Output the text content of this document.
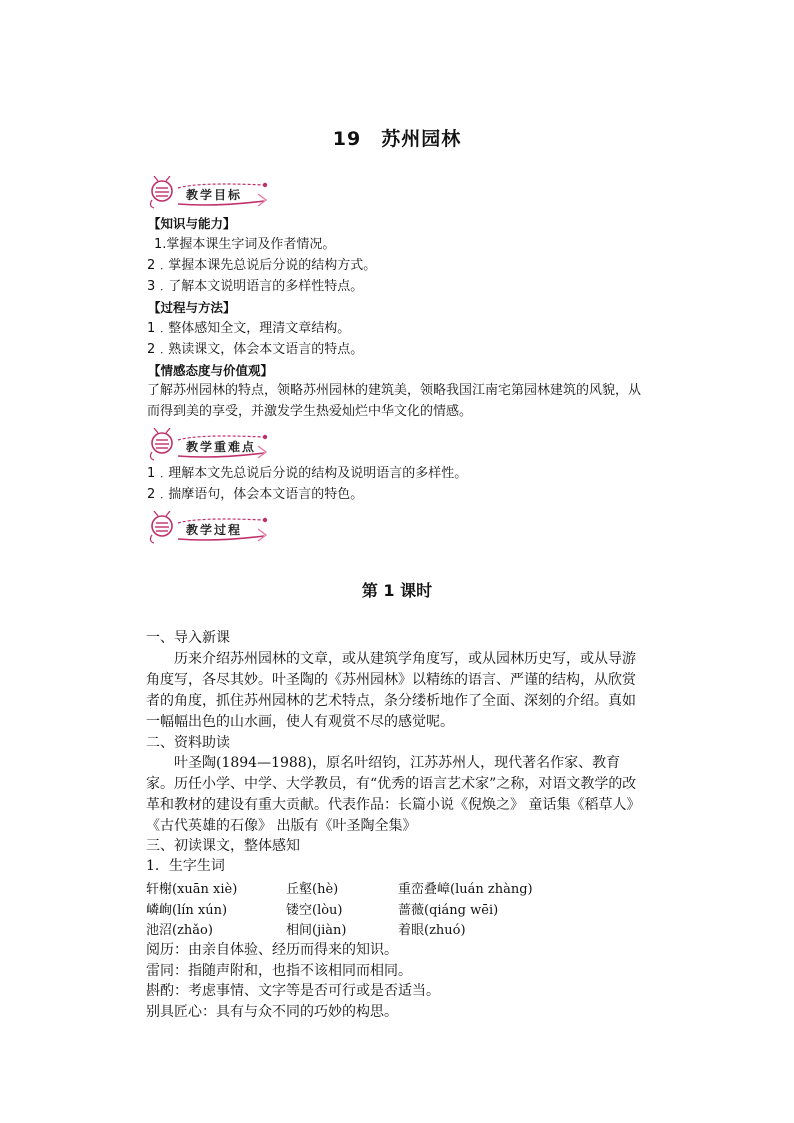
19 苏州园林
教学目标
【知识与能力】
1.掌握本课生字词及作者情况。
2﹒掌握本课先总说后分说的结构方式。
3﹒了解本文说明语言的多样性特点。
【过程与方法】
1﹒整体感知全文，理清文章结构。
2﹒熟读课文，体会本文语言的特点。
【情感态度与价值观】
了解苏州园林的特点，领略苏州园林的建筑美，领略我国江南宅第园林建筑的风貌，从而得到美的享受，并激发学生热爱灿烂中华文化的情感。
教学重难点
1﹒理解本文先总说后分说的结构及说明语言的多样性。
2﹒揣摩语句，体会本文语言的特色。
教学过程
第 1 课时
一、导入新课
历来介绍苏州园林的文章，或从建筑学角度写，或从园林历史写，或从导游角度写，各尽其妙。叶圣陶的《苏州园林》以精练的语言、严谨的结构，从欣赏者的角度，抓住苏州园林的艺术特点，条分缕析地作了全面、深刻的介绍。真如一幅幅出色的山水画，使人有观赏不尽的感觉呢。
二、资料助读
叶圣陶(1894—1988)，原名叶绍钧，江苏苏州人，现代著名作家、教育家。历任小学、中学、大学教员，有“优秀的语言艺术家”之称，对语文教学的改革和教材的建设有重大贡献。代表作品：长篇小说《倪焕之》 童话集《稻草人》《古代英雄的石像》 出版有《叶圣陶全集》
三、初读课文，整体感知
1．生字生词
轩榭(xuān xiè)	丘壑(hè)	重峦叠嶂(luán zhàng)
嶙峋(lín xún)	镂空(lòu)	蔷薇(qiáng wēi)
池沼(zhǎo)	相间(jiàn)	着眼(zhuó)
阅历：由亲自体验、经历而得来的知识。
雷同：指随声附和，也指不该相同而相同。
斟酌：考虑事情、文字等是否可行或是否适当。
别具匠心：具有与众不同的巧妙的构思。
